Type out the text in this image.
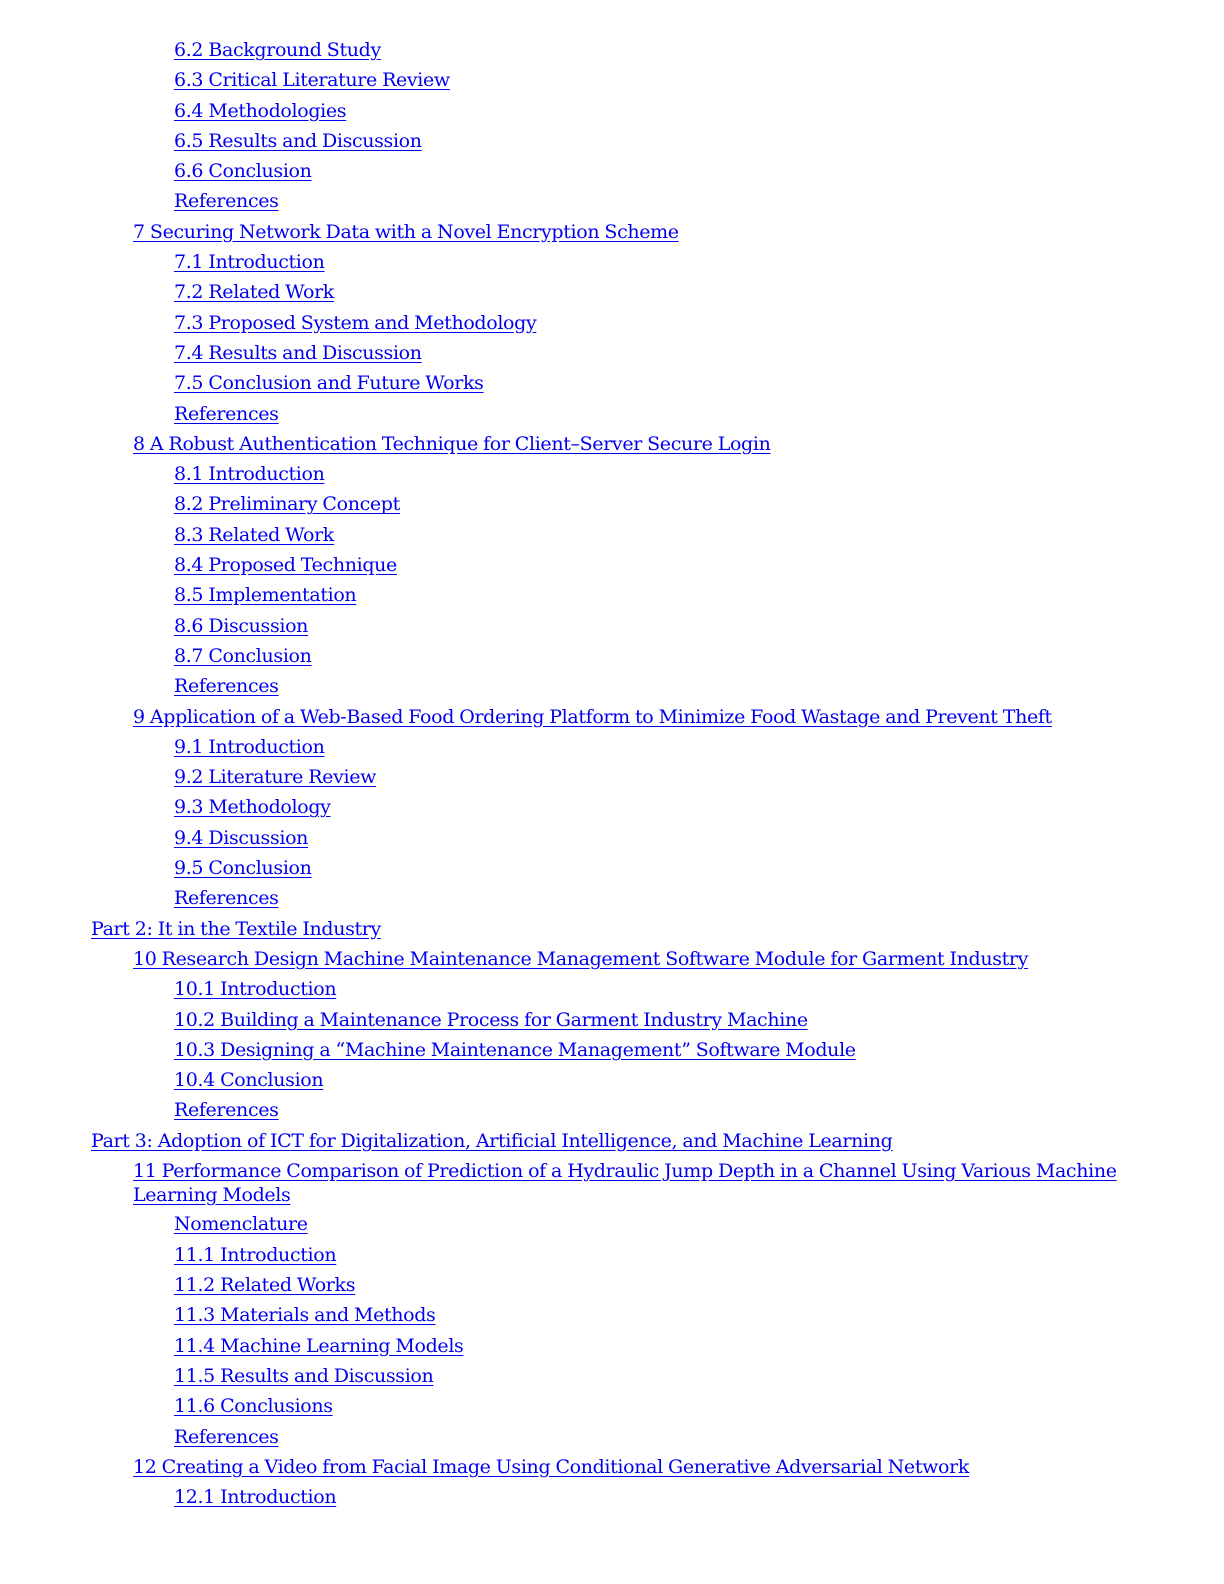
6.2 Background Study
6.3 Critical Literature Review
6.4 Methodologies
6.5 Results and Discussion
6.6 Conclusion
References
7 Securing Network Data with a Novel Encryption Scheme
7.1 Introduction
7.2 Related Work
7.3 Proposed System and Methodology
7.4 Results and Discussion
7.5 Conclusion and Future Works
References
8 A Robust Authentication Technique for Client–Server Secure Login
8.1 Introduction
8.2 Preliminary Concept
8.3 Related Work
8.4 Proposed Technique
8.5 Implementation
8.6 Discussion
8.7 Conclusion
References
9 Application of a Web-Based Food Ordering Platform to Minimize Food Wastage and Prevent Theft
9.1 Introduction
9.2 Literature Review
9.3 Methodology
9.4 Discussion
9.5 Conclusion
References
Part 2: It in the Textile Industry
10 Research Design Machine Maintenance Management Software Module for Garment Industry
10.1 Introduction
10.2 Building a Maintenance Process for Garment Industry Machine
10.3 Designing a “Machine Maintenance Management” Software Module
10.4 Conclusion
References
Part 3: Adoption of ICT for Digitalization, Artificial Intelligence, and Machine Learning
11 Performance Comparison of Prediction of a Hydraulic Jump Depth in a Channel Using Various Machine Learning Models
Nomenclature
11.1 Introduction
11.2 Related Works
11.3 Materials and Methods
11.4 Machine Learning Models
11.5 Results and Discussion
11.6 Conclusions
References
12 Creating a Video from Facial Image Using Conditional Generative Adversarial Network
12.1 Introduction
